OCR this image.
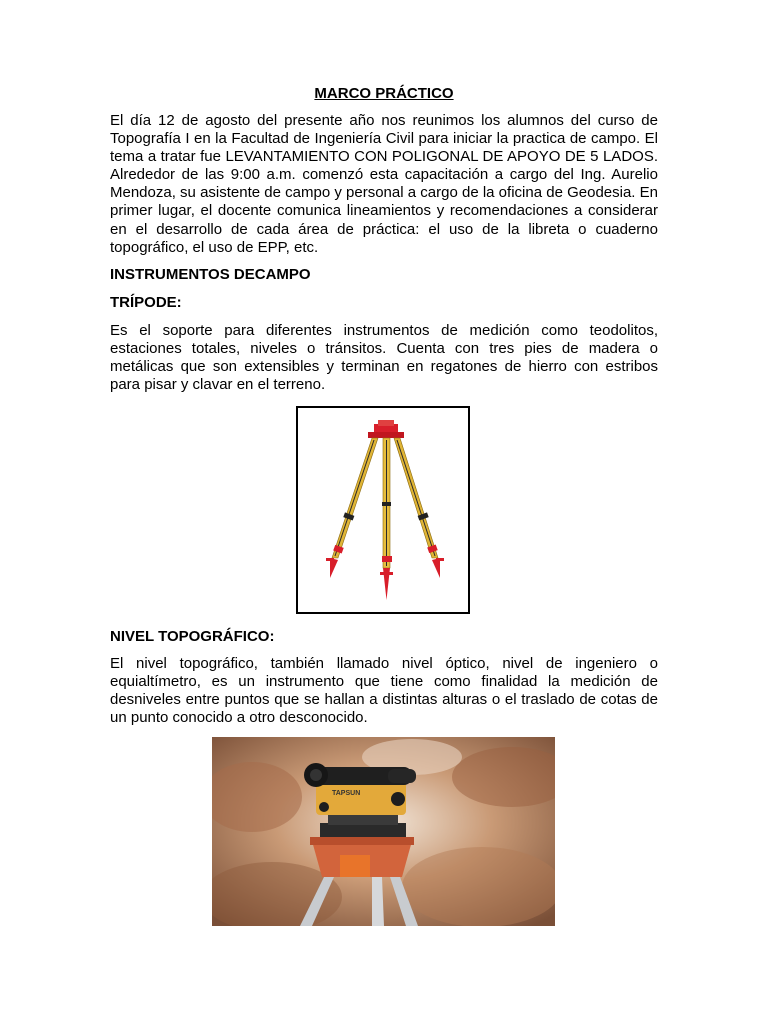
MARCO PRÁCTICO

El día 12 de agosto del presente año nos reunimos los alumnos del curso de Topografía I en la Facultad de Ingeniería Civil para iniciar la practica de campo. El tema a tratar fue LEVANTAMIENTO CON POLIGONAL DE APOYO DE 5 LADOS. Alrededor de las 9:00 a.m. comenzó esta capacitación a cargo del Ing. Aurelio Mendoza, su asistente de campo y personal a cargo de la oficina de Geodesia. En primer lugar, el docente comunica lineamientos y recomendaciones a considerar en el desarrollo de cada área de práctica: el uso de la libreta o cuaderno topográfico, el uso de EPP, etc.

INSTRUMENTOS DECAMPO
TRÍPODE:

Es el soporte para diferentes instrumentos de medición como teodolitos, estaciones totales, niveles o tránsitos. Cuenta con tres pies de madera o metálicas que son extensibles y terminan en regatones de hierro con estribos para pisar y clavar en el terreno.

NIVEL TOPOGRÁFICO:

El nivel topográfico, también llamado nivel óptico, nivel de ingeniero o equialtímetro, es un instrumento que tiene como finalidad la medición de desniveles entre puntos que se hallan a distintas alturas o el traslado de cotas de un punto conocido a otro desconocido.

TAPSUN
